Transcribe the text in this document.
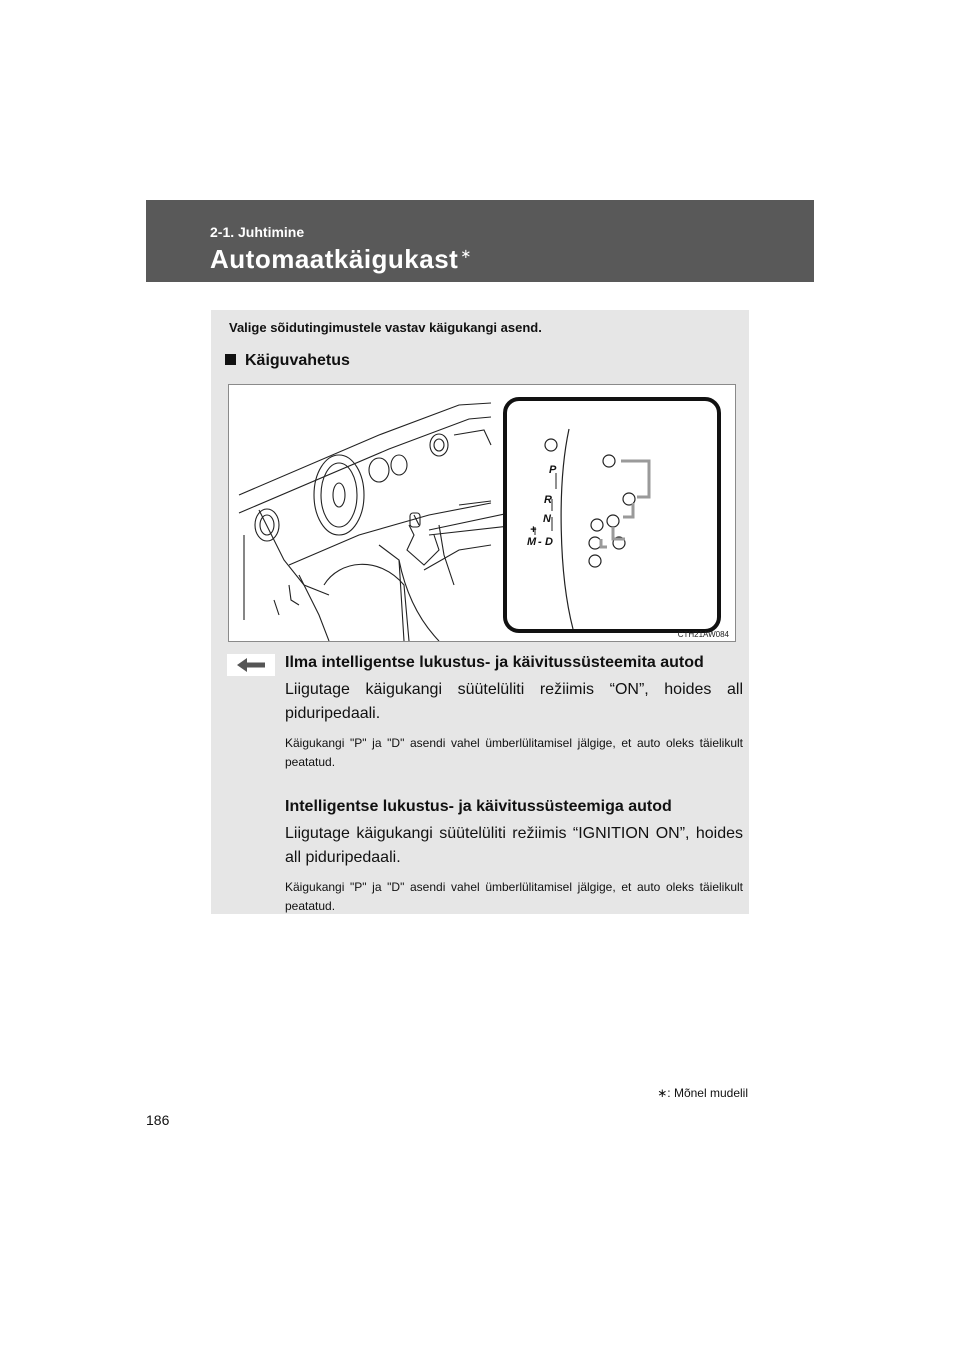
2-1. Juhtimine
Automaatkäigukast ∗
Valige sõidutingimustele vastav käigukangi asend.
Käiguvahetus
P
R
N
D
M
+
-
CTH21AW084

Ilma intelligentse lukustus- ja käivitussüsteemita autod

Liigutage käigukangi süütelüliti režiimis “ON”, hoides all piduripedaali.

Käigukangi "P" ja "D" asendi vahel ümberlülitamisel jälgige, et auto oleks täielikult peatatud.

Intelligentse lukustus- ja käivitussüsteemiga autod

Liigutage käigukangi süütelüliti režiimis “IGNITION ON”, hoides all piduripedaali.

Käigukangi "P" ja "D" asendi vahel ümberlülitamisel jälgige, et auto oleks täielikult peatatud.

∗: Mõnel mudelil
186
